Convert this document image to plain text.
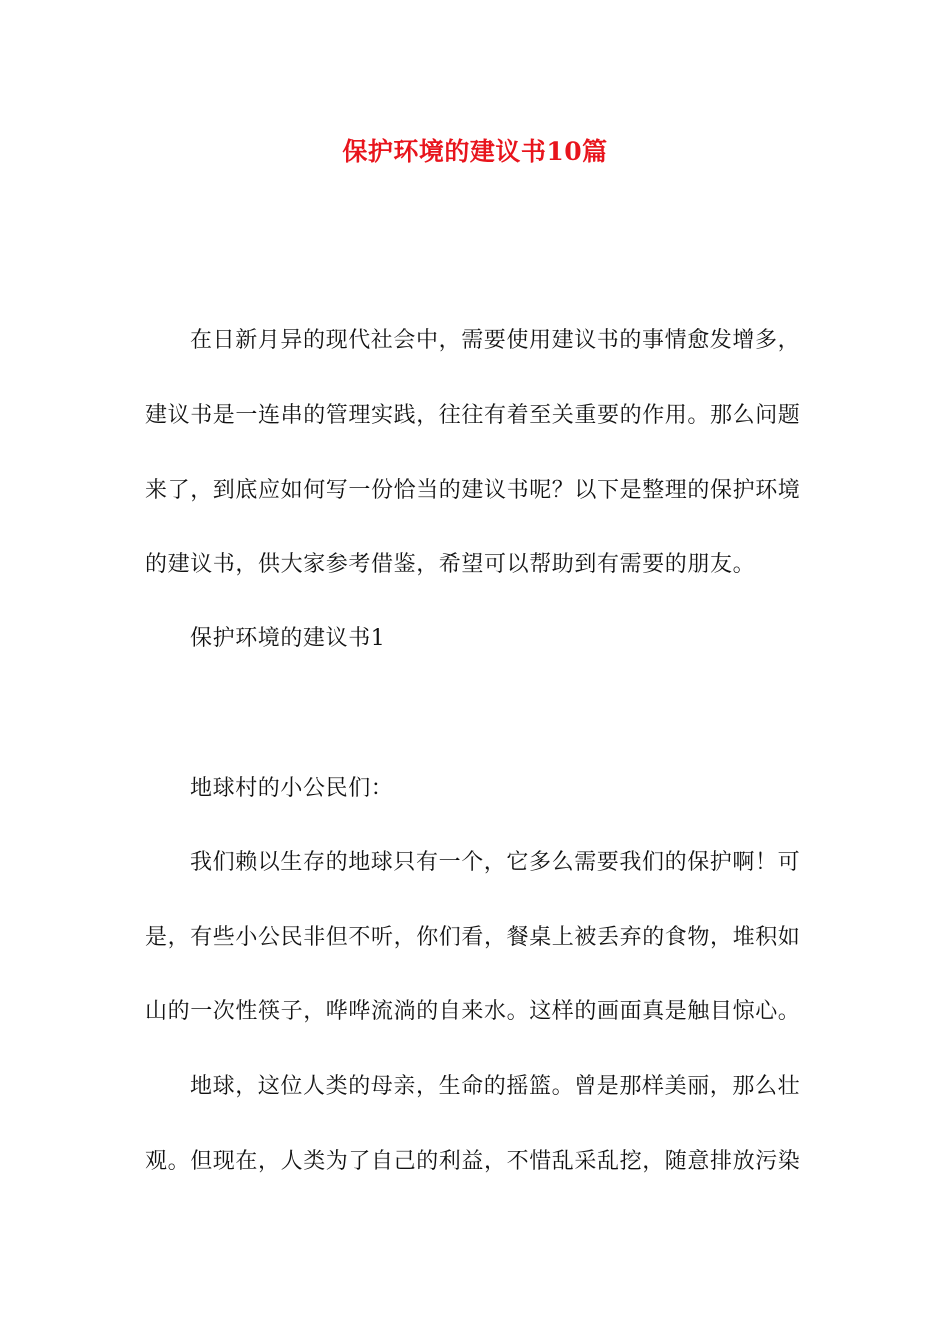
保护环境的建议书10篇
在日新月异的现代社会中，需要使用建议书的事情愈发增多，
建议书是一连串的管理实践，往往有着至关重要的作用。那么问题
来了，到底应如何写一份恰当的建议书呢？以下是整理的保护环境
的建议书，供大家参考借鉴，希望可以帮助到有需要的朋友。
保护环境的建议书1
地球村的小公民们：
我们赖以生存的地球只有一个，它多么需要我们的保护啊！可
是，有些小公民非但不听，你们看，餐桌上被丢弃的食物，堆积如
山的一次性筷子，哗哗流淌的自来水。这样的画面真是触目惊心。
地球，这位人类的母亲，生命的摇篮。曾是那样美丽，那么壮
观。但现在，人类为了自己的利益，不惜乱采乱挖，随意排放污染
